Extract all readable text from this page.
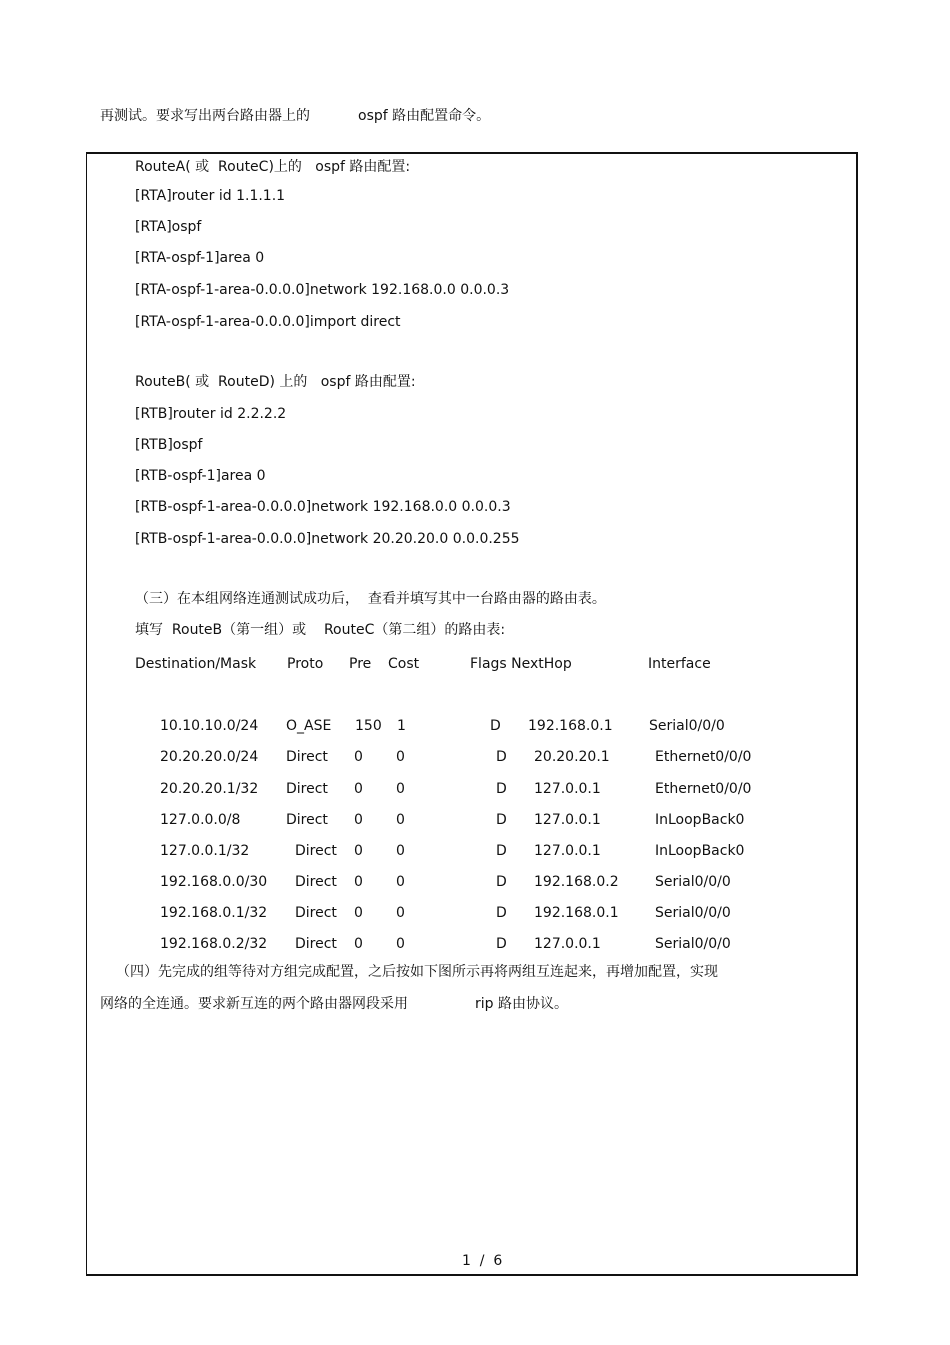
再测试。要求写出两台路由器上的	ospf 路由配置命令。
RouteA( 或  RouteC)上的   ospf 路由配置:
[RTA]router id 1.1.1.1
[RTA]ospf
[RTA-ospf-1]area 0
[RTA-ospf-1-area-0.0.0.0]network 192.168.0.0 0.0.0.3
[RTA-ospf-1-area-0.0.0.0]import direct
RouteB( 或  RouteD) 上的   ospf 路由配置:
[RTB]router id 2.2.2.2
[RTB]ospf
[RTB-ospf-1]area 0
[RTB-ospf-1-area-0.0.0.0]network 192.168.0.0 0.0.0.3
[RTB-ospf-1-area-0.0.0.0]network 20.20.20.0 0.0.0.255
（三）在本组网络连通测试成功后，  查看并填写其中一台路由器的路由表。
填写  RouteB（第一组）或    RouteC（第二组）的路由表:
Destination/Mask Proto Pre Cost	Flags NextHop	Interface
10.10.10.0/24 O_ASE 150 1	D 192.168.0.1	Serial0/0/0
20.20.20.0/24 Direct 0 0	D 20.20.20.1	Ethernet0/0/0
20.20.20.1/32 Direct 0 0	D 127.0.0.1	Ethernet0/0/0
127.0.0.0/8	Direct 0 0	D 127.0.0.1	InLoopBack0
127.0.0.1/32	Direct 0 0	D 127.0.0.1	InLoopBack0
192.168.0.0/30 Direct 0 0	D 192.168.0.2	Serial0/0/0
192.168.0.1/32 Direct 0 0	D 192.168.0.1	Serial0/0/0
192.168.0.2/32 Direct 0 0	D 127.0.0.1	Serial0/0/0
（四）先完成的组等待对方组完成配置，之后按如下图所示再将两组互连起来，再增加配置，实现
网络的全连通。要求新互连的两个路由器网段采用	rip 路由协议。
1  /  6
